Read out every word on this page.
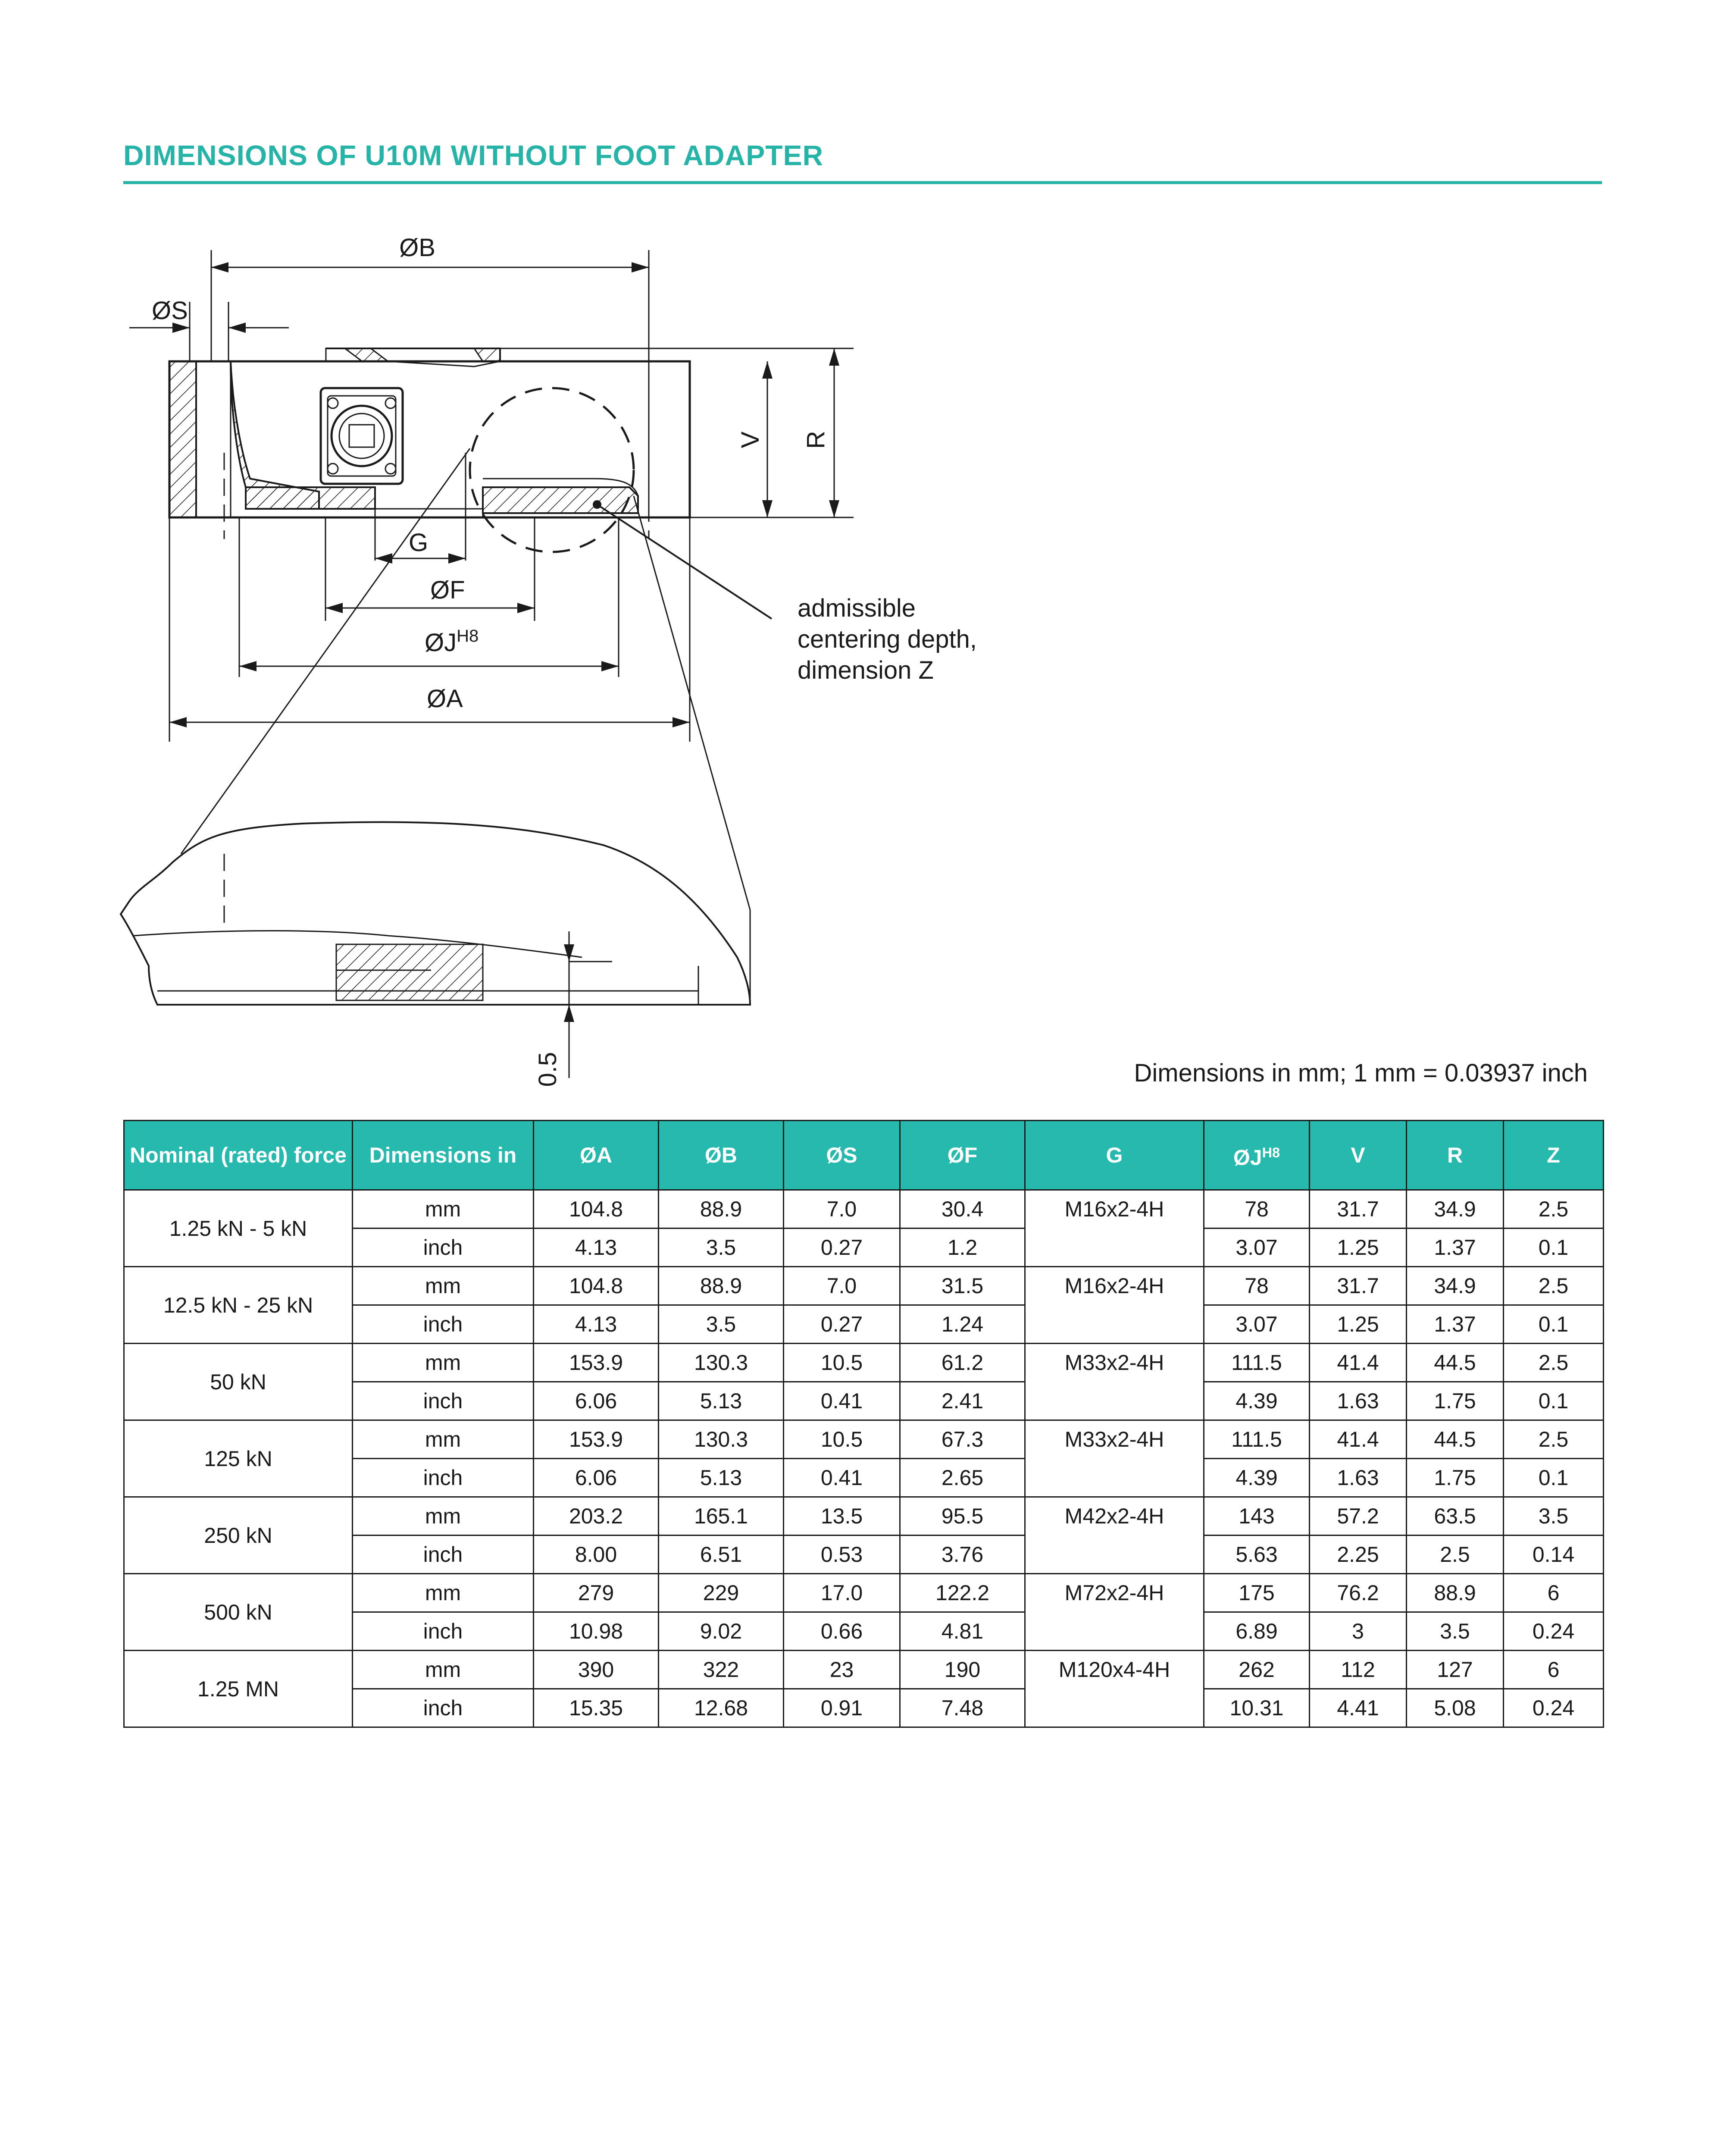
DIMENSIONS OF U10M WITHOUT FOOT ADAPTER
ØB
ØS
V R
G
ØF
$ØJ^{H8}$
ØA
admissible
centering depth,
dimension Z
0.5	Dimensions in mm; 1 mm = 0.03937 inch
Nominal (rated) force	Dimensions in	ØA	ØB	ØS	ØF	G	$ØJ^{H8}$	V	R	Z
1.25 kN - 5 kN	mm	104.8	88.9	7.0	30.4	M16x2-4H	78	31.7	34.9	2.5
	inch	4.13	3.5	0.27	1.2		3.07	1.25	1.37	0.1
12.5 kN - 25 kN	mm	104.8	88.9	7.0	31.5	M16x2-4H	78	31.7	34.9	2.5
	inch	4.13	3.5	0.27	1.24		3.07	1.25	1.37	0.1
50 kN	mm	153.9	130.3	10.5	61.2	M33x2-4H	111.5	41.4	44.5	2.5
	inch	6.06	5.13	0.41	2.41		4.39	1.63	1.75	0.1
125 kN	mm	153.9	130.3	10.5	67.3	M33x2-4H	111.5	41.4	44.5	2.5
	inch	6.06	5.13	0.41	2.65		4.39	1.63	1.75	0.1
250 kN	mm	203.2	165.1	13.5	95.5	M42x2-4H	143	57.2	63.5	3.5
	inch	8.00	6.51	0.53	3.76		5.63	2.25	2.5	0.14
500 kN	mm	279	229	17.0	122.2	M72x2-4H	175	76.2	88.9	6
	inch	10.98	9.02	0.66	4.81		6.89	3	3.5	0.24
1.25 MN	mm	390	322	23	190	M120x4-4H	262	112	127	6
	inch	15.35	12.68	0.91	7.48		10.31	4.41	5.08	0.24
